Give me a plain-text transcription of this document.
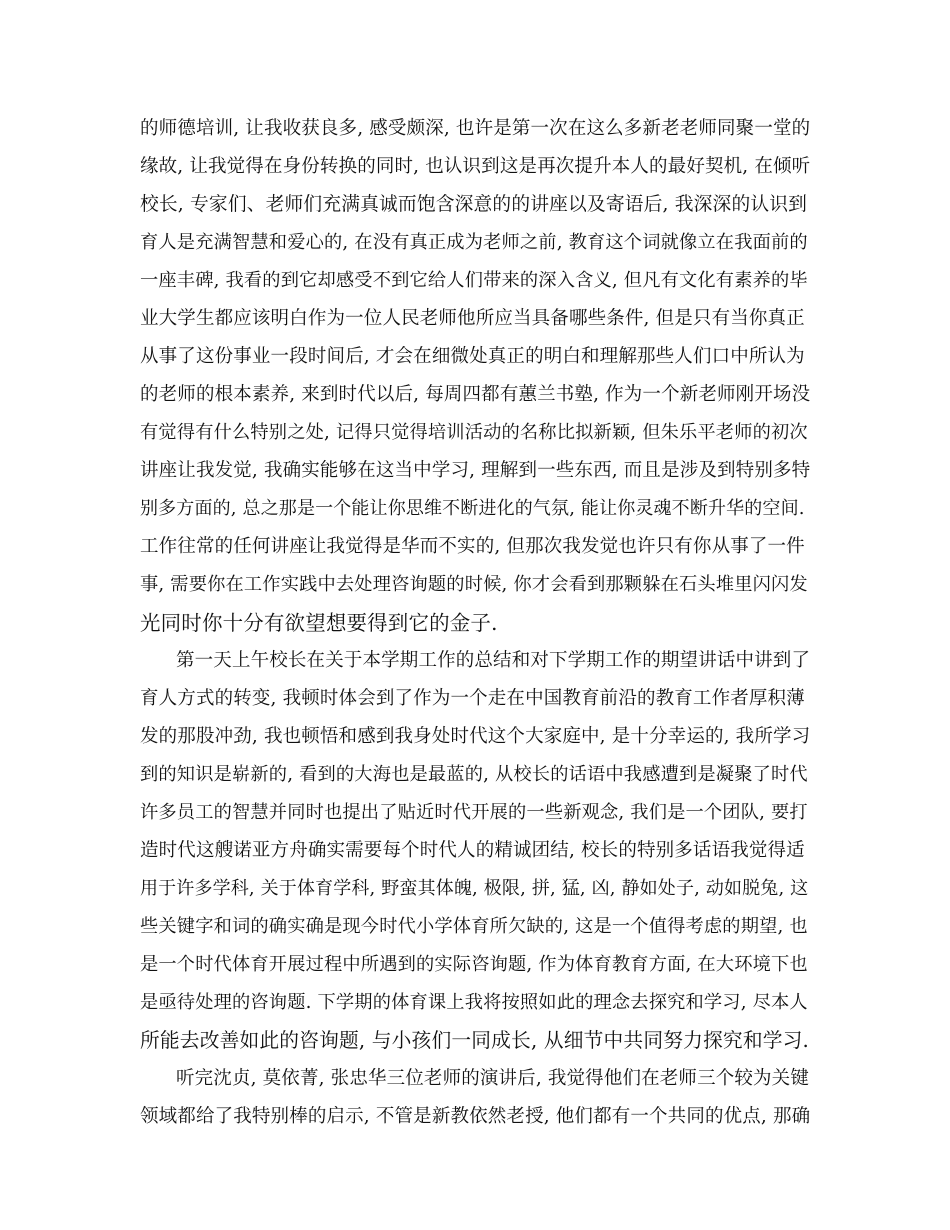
的师德培训, 让我收获良多, 感受颇深, 也许是第一次在这么多新老老师同聚一堂的
缘故, 让我觉得在身份转换的同时, 也认识到这是再次提升本人的最好契机, 在倾听
校长, 专家们、老师们充满真诚而饱含深意的的讲座以及寄语后, 我深深的认识到
育人是充满智慧和爱心的, 在没有真正成为老师之前, 教育这个词就像立在我面前的
一座丰碑, 我看的到它却感受不到它给人们带来的深入含义, 但凡有文化有素养的毕
业大学生都应该明白作为一位人民老师他所应当具备哪些条件, 但是只有当你真正
从事了这份事业一段时间后, 才会在细微处真正的明白和理解那些人们口中所认为
的老师的根本素养, 来到时代以后, 每周四都有蕙兰书塾, 作为一个新老师刚开场没
有觉得有什么特别之处, 记得只觉得培训活动的名称比拟新颖, 但朱乐平老师的初次
讲座让我发觉, 我确实能够在这当中学习, 理解到一些东西, 而且是涉及到特别多特
别多方面的, 总之那是一个能让你思维不断进化的气氛, 能让你灵魂不断升华的空间.
工作往常的任何讲座让我觉得是华而不实的, 但那次我发觉也许只有你从事了一件
事, 需要你在工作实践中去处理咨询题的时候, 你才会看到那颗躲在石头堆里闪闪发
光同时你十分有欲望想要得到它的金子.
第一天上午校长在关于本学期工作的总结和对下学期工作的期望讲话中讲到了
育人方式的转变, 我顿时体会到了作为一个走在中国教育前沿的教育工作者厚积薄
发的那股冲劲, 我也顿悟和感到我身处时代这个大家庭中, 是十分幸运的, 我所学习
到的知识是崭新的, 看到的大海也是最蓝的, 从校长的话语中我感遭到是凝聚了时代
许多员工的智慧并同时也提出了贴近时代开展的一些新观念, 我们是一个团队, 要打
造时代这艘诺亚方舟确实需要每个时代人的精诚团结, 校长的特别多话语我觉得适
用于许多学科, 关于体育学科, 野蛮其体魄, 极限, 拼, 猛, 凶, 静如处子, 动如脱兔, 这
些关键字和词的确实确是现今时代小学体育所欠缺的, 这是一个值得考虑的期望, 也
是一个时代体育开展过程中所遇到的实际咨询题, 作为体育教育方面, 在大环境下也
是亟待处理的咨询题. 下学期的体育课上我将按照如此的理念去探究和学习, 尽本人
所能去改善如此的咨询题, 与小孩们一同成长, 从细节中共同努力探究和学习.
听完沈贞, 莫依菁, 张忠华三位老师的演讲后, 我觉得他们在老师三个较为关键
领域都给了我特别棒的启示, 不管是新教依然老授, 他们都有一个共同的优点, 那确
